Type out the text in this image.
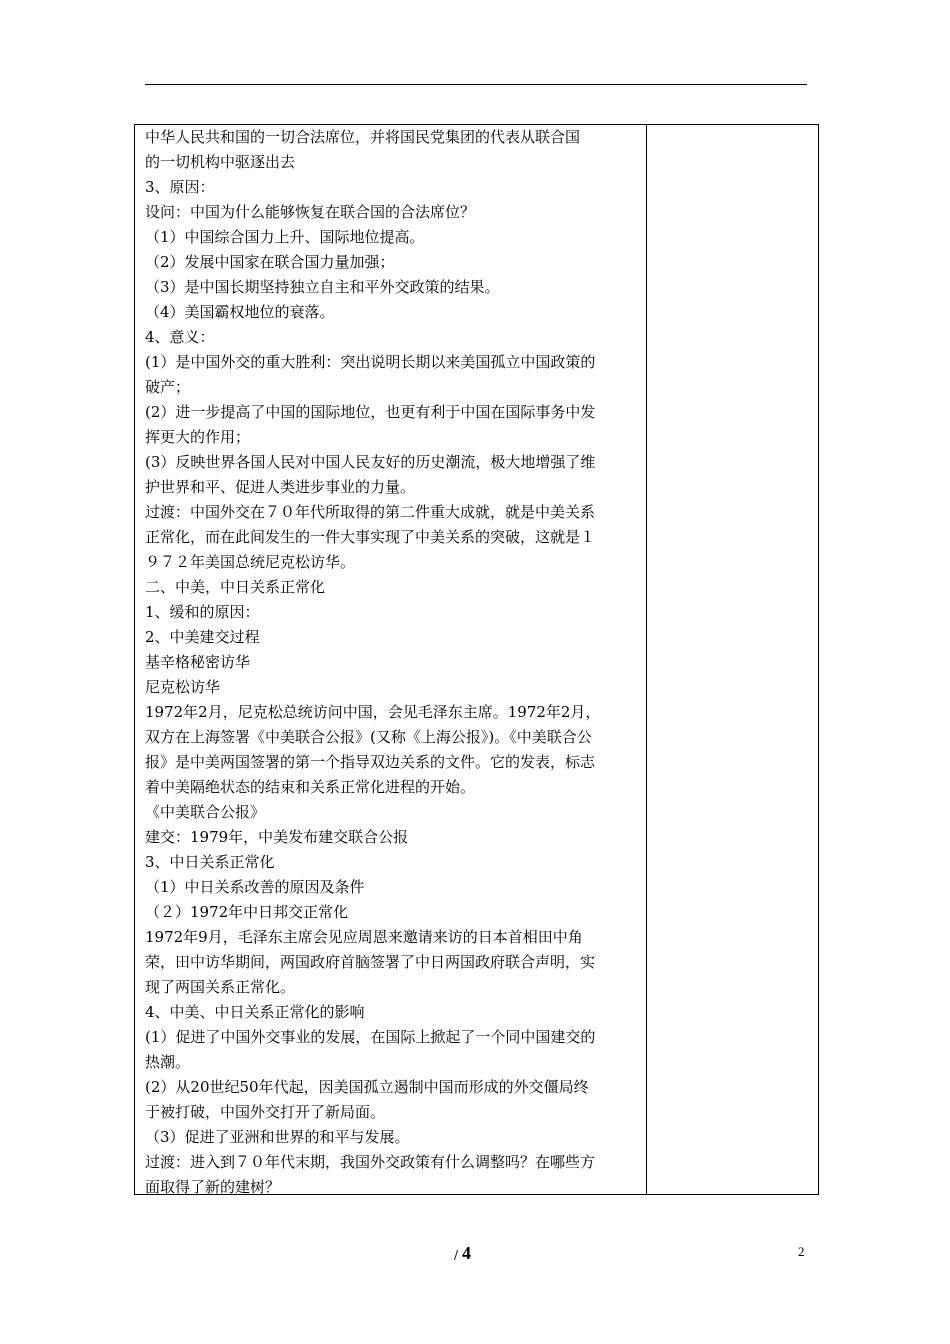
中华人民共和国的一切合法席位，并将国民党集团的代表从联合国
的一切机构中驱逐出去
3、原因：
设问：中国为什么能够恢复在联合国的合法席位？
（1）中国综合国力上升、国际地位提高。
（2）发展中国家在联合国力量加强；
（3）是中国长期坚持独立自主和平外交政策的结果。
（4）美国霸权地位的衰落。
4、意义：
(1）是中国外交的重大胜利：突出说明长期以来美国孤立中国政策的
破产；
(2）进一步提高了中国的国际地位，也更有利于中国在国际事务中发
挥更大的作用；
(3）反映世界各国人民对中国人民友好的历史潮流，极大地增强了维
护世界和平、促进人类进步事业的力量。
过渡：中国外交在７０年代所取得的第二件重大成就，就是中美关系
正常化，而在此间发生的一件大事实现了中美关系的突破，这就是１
９７２年美国总统尼克松访华。
二、中美，中日关系正常化
1、缓和的原因：
2、中美建交过程
基辛格秘密访华
尼克松访华
1972年2月，尼克松总统访问中国，会见毛泽东主席。1972年2月，
双方在上海签署《中美联合公报》(又称《上海公报》)。《中美联合公
报》是中美两国签署的第一个指导双边关系的文件。它的发表，标志
着中美隔绝状态的结束和关系正常化进程的开始。
《中美联合公报》
建交：1979年，中美发布建交联合公报
3、中日关系正常化
（1）中日关系改善的原因及条件
（２）1972年中日邦交正常化
1972年9月，毛泽东主席会见应周恩来邀请来访的日本首相田中角
荣，田中访华期间，两国政府首脑签署了中日两国政府联合声明，实
现了两国关系正常化。
4、中美、中日关系正常化的影响
(1）促进了中国外交事业的发展，在国际上掀起了一个同中国建交的
热潮。
(2）从20世纪50年代起，因美国孤立遏制中国而形成的外交僵局终
于被打破，中国外交打开了新局面。
（3）促进了亚洲和世界的和平与发展。
过渡：进入到７０年代末期，我国外交政策有什么调整吗？在哪些方
面取得了新的建树？
/ 4	2
